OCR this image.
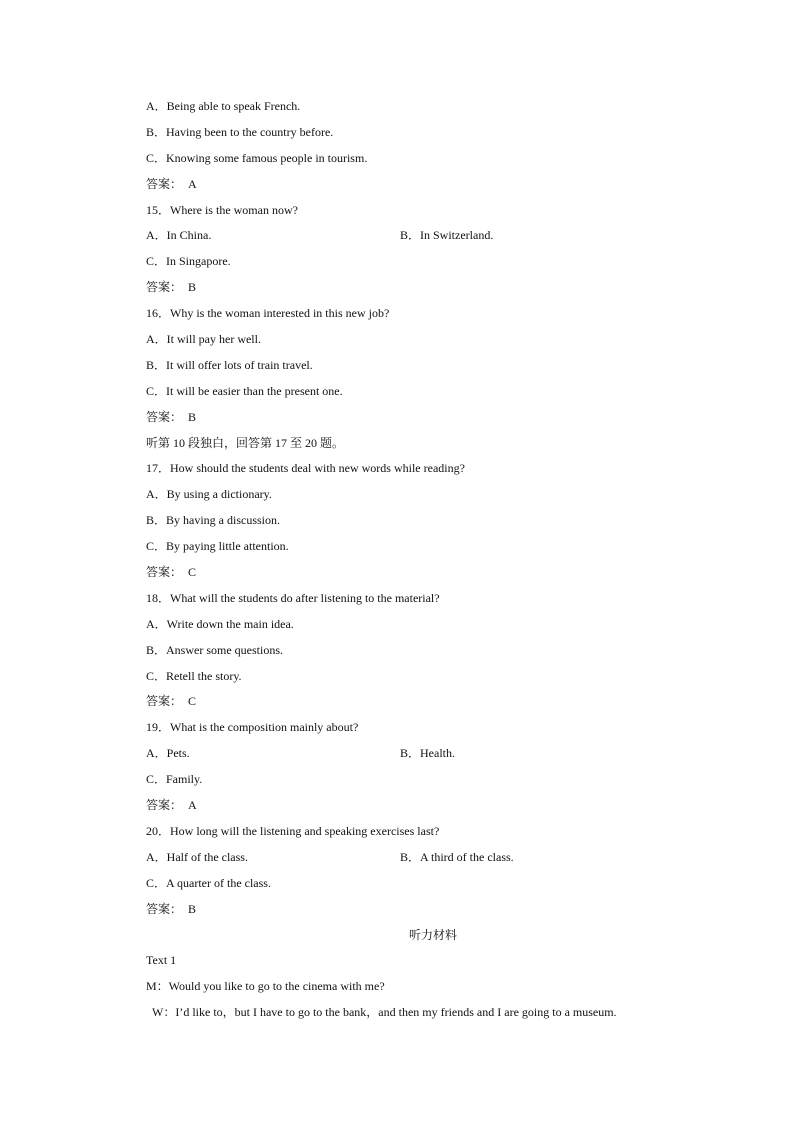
A．Being able to speak French.
B．Having been to the country before.
C．Knowing some famous people in tourism.
答案：　A
15．Where is the woman now?
A．In China.	B．In Switzerland.
C．In Singapore.
答案：　B
16．Why is the woman interested in this new job?
A．It will pay her well.
B．It will offer lots of train travel.
C．It will be easier than the present one.
答案：　B
听第 10 段独白，回答第 17 至 20 题。
17．How should the students deal with new words while reading?
A．By using a dictionary.
B．By having a discussion.
C．By paying little attention.
答案：　C
18．What will the students do after listening to the material?
A．Write down the main idea.
B．Answer some questions.
C．Retell the story.
答案：　C
19．What is the composition mainly about?
A．Pets.	B．Health.
C．Family.
答案：　A
20．How long will the listening and speaking exercises last?
A．Half of the class.	B．A third of the class.
C．A quarter of the class.
答案：　B
听力材料
Text 1
M：Would you like to go to the cinema with me?
W：I’d like to，but I have to go to the bank，and then my friends and I are going to a museum.
